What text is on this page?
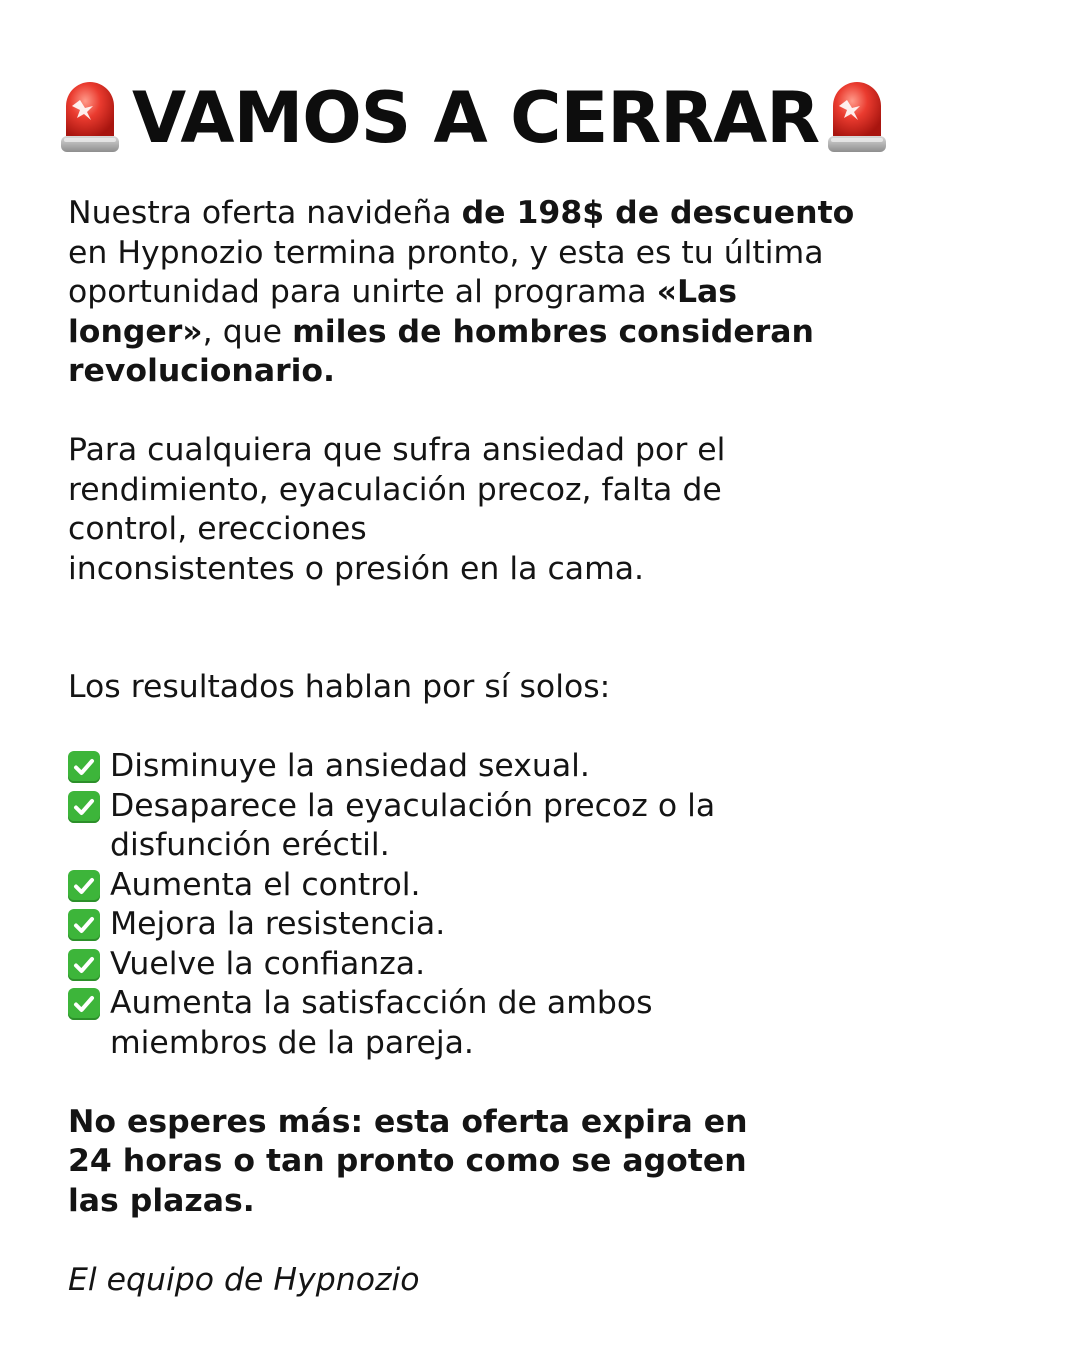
VAMOS A CERRAR

Nuestra oferta navideña de 198$ de descuento en Hypnozio termina pronto, y esta es tu última oportunidad para unirte al programa «Las longer», que miles de hombres consideran revolucionario.

Para cualquiera que sufra ansiedad por el rendimiento, eyaculación precoz, falta de control, erecciones
inconsistentes o presión en la cama.

Los resultados hablan por sí solos:

Disminuye la ansiedad sexual.
Desaparece la eyaculación precoz o la disfunción eréctil.
Aumenta el control.
Mejora la resistencia.
Vuelve la confianza.
Aumenta la satisfacción de ambos miembros de la pareja.

No esperes más: esta oferta expira en 24 horas o tan pronto como se agoten las plazas.

El equipo de Hypnozio
